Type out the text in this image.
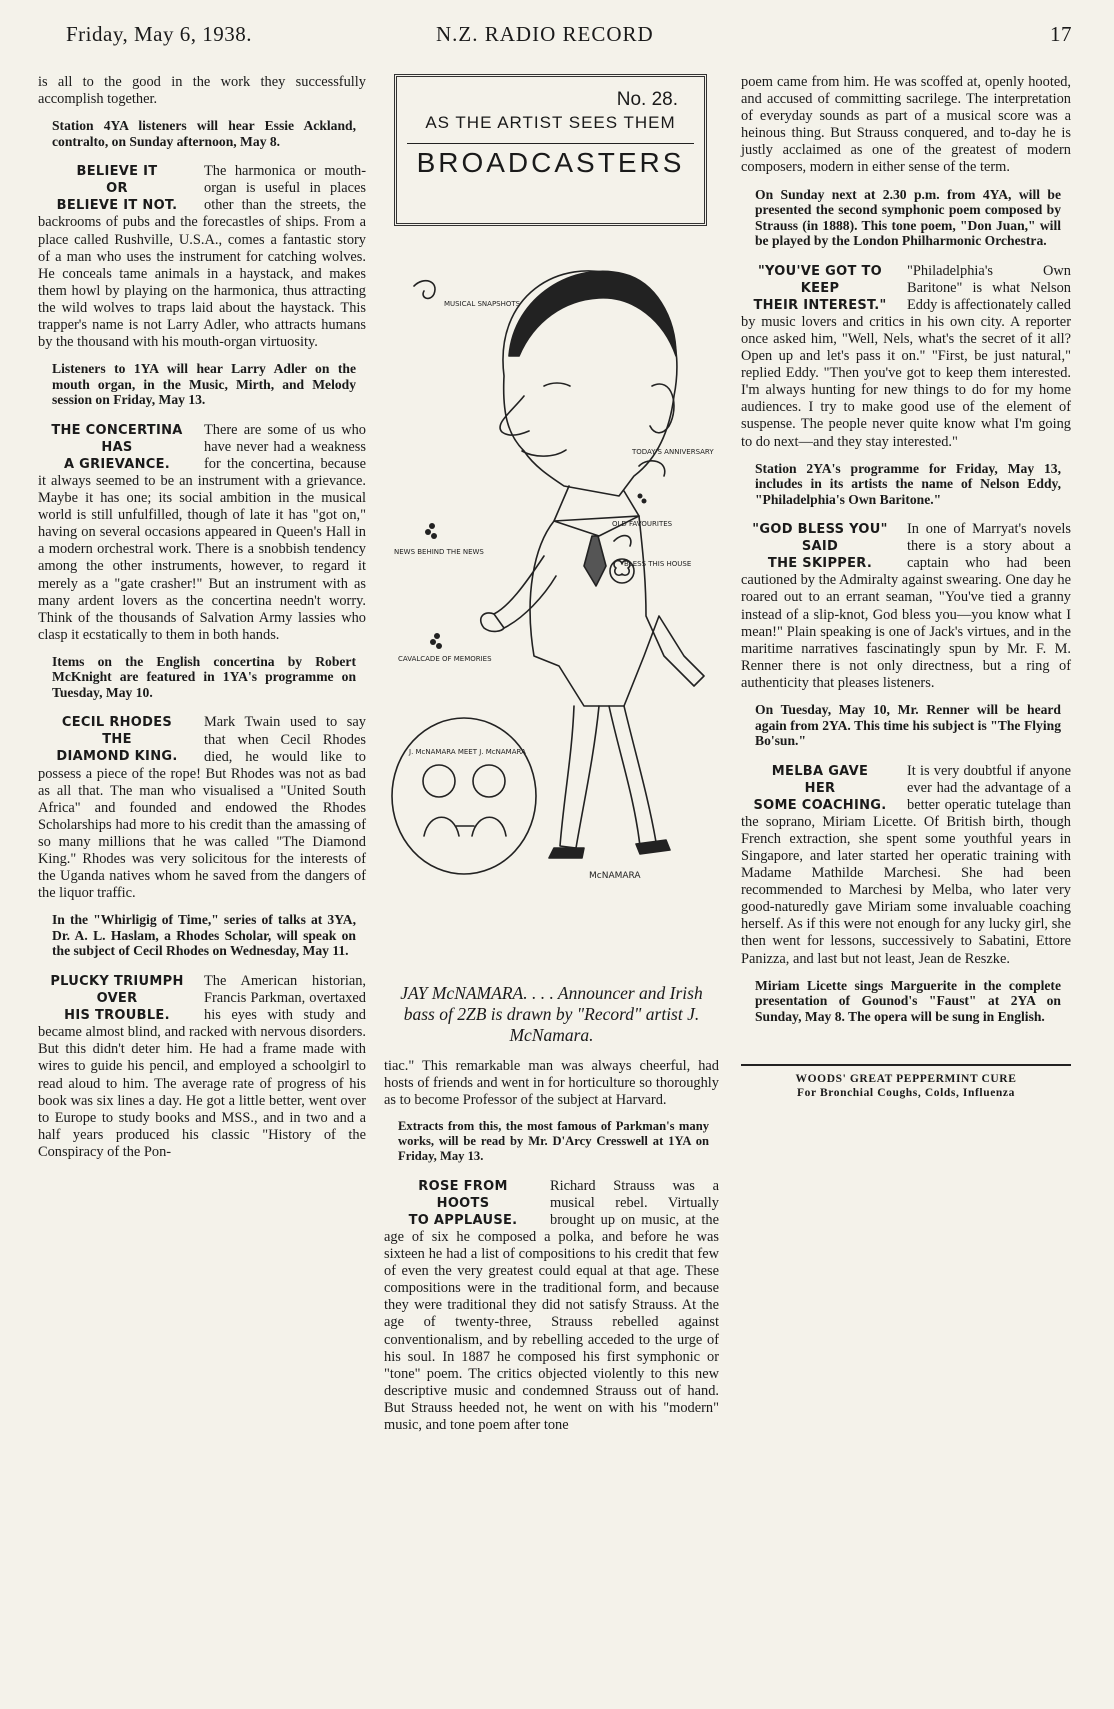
Friday, May 6, 1938.	N.Z. RADIO RECORD	17

is all to the good in the work they successfully accomplish together.

Station 4YA listeners will hear Essie Ackland, contralto, on Sunday afternoon, May 8.
BELIEVE IT
OR
BELIEVE IT NOT.

The harmonica or mouth-organ is useful in places other than the streets, the backrooms of pubs and the forecastles of ships. From a place called Rushville, U.S.A., comes a fantastic story of a man who uses the instrument for catching wolves. He conceals tame animals in a haystack, and makes them howl by playing on the harmonica, thus attracting the wild wolves to traps laid about the haystack. This trapper's name is not Larry Adler, who attracts humans by the thousand with his mouth-organ virtuosity.

Listeners to 1YA will hear Larry Adler on the mouth organ, in the Music, Mirth, and Melody session on Friday, May 13.
THE CONCERTINA
HAS
A GRIEVANCE.

There are some of us who have never had a weakness for the concertina, because it always seemed to be an instrument with a grievance. Maybe it has one; its social ambition in the musical world is still unfulfilled, though of late it has "got on," having on several occasions appeared in Queen's Hall in a modern orchestral work. There is a snobbish tendency among the other instruments, however, to regard it merely as a "gate crasher!" But an instrument with as many ardent lovers as the concertina needn't worry. Think of the thousands of Salvation Army lassies who clasp it ecstatically to them in both hands.

Items on the English concertina by Robert McKnight are featured in 1YA's programme on Tuesday, May 10.
CECIL RHODES
THE
DIAMOND KING.

Mark Twain used to say that when Cecil Rhodes died, he would like to possess a piece of the rope! But Rhodes was not as bad as all that. The man who visualised a "United South Africa" and founded and endowed the Rhodes Scholarships had more to his credit than the amassing of so many millions that he was called "The Diamond King." Rhodes was very solicitous for the interests of the Uganda natives whom he saved from the dangers of the liquor traffic.

In the "Whirligig of Time," series of talks at 3YA, Dr. A. L. Haslam, a Rhodes Scholar, will speak on the subject of Cecil Rhodes on Wednesday, May 11.
PLUCKY TRIUMPH
OVER
HIS TROUBLE.

The American historian, Francis Parkman, overtaxed his eyes with study and became almost blind, and racked with nervous disorders. But this didn't deter him. He had a frame made with wires to guide his pencil, and employed a schoolgirl to read aloud to him. The average rate of progress of his book was six lines a day. He got a little better, went over to Europe to study books and MSS., and in two and a half years produced his classic "History of the Conspiracy of the Pon-

No. 28.
AS THE ARTIST SEES THEM
BROADCASTERS
MUSICAL SNAPSHOTS
TODAY'S ANNIVERSARY
NEWS BEHIND THE NEWS
OLD FAVOURITES
BLESS THIS HOUSE
CAVALCADE OF MEMORIES
J. McNAMARA MEET J. McNAMARA
McNAMARA
JAY McNAMARA. . . . Announcer and Irish bass of 2ZB is drawn by "Record" artist J. McNamara.

tiac." This remarkable man was always cheerful, had hosts of friends and went in for horticulture so thoroughly as to become Professor of the subject at Harvard.

Extracts from this, the most famous of Parkman's many works, will be read by Mr. D'Arcy Cresswell at 1YA on Friday, May 13.
ROSE FROM
HOOTS
TO APPLAUSE.

Richard Strauss was a musical rebel. Virtually brought up on music, at the age of six he composed a polka, and before he was sixteen he had a list of compositions to his credit that few of even the very greatest could equal at that age. These compositions were in the traditional form, and because they were traditional they did not satisfy Strauss. At the age of twenty-three, Strauss rebelled against conventionalism, and by rebelling acceded to the urge of his soul. In 1887 he composed his first symphonic or "tone" poem. The critics objected violently to this new descriptive music and condemned Strauss out of hand. But Strauss heeded not, he went on with his "modern" music, and tone poem after tone

poem came from him. He was scoffed at, openly hooted, and accused of committing sacrilege. The interpretation of everyday sounds as part of a musical score was a heinous thing. But Strauss conquered, and to-day he is justly acclaimed as one of the greatest of modern composers, modern in either sense of the term.

On Sunday next at 2.30 p.m. from 4YA, will be presented the second symphonic poem composed by Strauss (in 1888). This tone poem, "Don Juan," will be played by the London Philharmonic Orchestra.
"YOU'VE GOT TO
KEEP
THEIR INTEREST."

"Philadelphia's Own Baritone" is what Nelson Eddy is affectionately called by music lovers and critics in his own city. A reporter once asked him, "Well, Nels, what's the secret of it all? Open up and let's pass it on." "First, be just natural," replied Eddy. "Then you've got to keep them interested. I'm always hunting for new things to do for my home audiences. I try to make good use of the element of suspense. The people never quite know what I'm going to do next—and they stay interested."

Station 2YA's programme for Friday, May 13, includes in its artists the name of Nelson Eddy, "Philadelphia's Own Baritone."
"GOD BLESS YOU"
SAID
THE SKIPPER.

In one of Marryat's novels there is a story about a captain who had been cautioned by the Admiralty against swearing. One day he roared out to an errant seaman, "You've tied a granny instead of a slip-knot, God bless you—you know what I mean!" Plain speaking is one of Jack's virtues, and in the maritime narratives fascinatingly spun by Mr. F. M. Renner there is not only directness, but a ring of authenticity that pleases listeners.

On Tuesday, May 10, Mr. Renner will be heard again from 2YA. This time his subject is "The Flying Bo'sun."
MELBA GAVE
HER
SOME COACHING.

It is very doubtful if anyone ever had the advantage of a better operatic tutelage than the soprano, Miriam Licette. Of British birth, though French extraction, she spent some youthful years in Singapore, and later started her operatic training with Madame Mathilde Marchesi. She had been recommended to Marchesi by Melba, who later very good-naturedly gave Miriam some invaluable coaching herself. As if this were not enough for any lucky girl, she then went for lessons, successively to Sabatini, Ettore Panizza, and last but not least, Jean de Reszke.

Miriam Licette sings Marguerite in the complete presentation of Gounod's "Faust" at 2YA on Sunday, May 8. The opera will be sung in English.
WOODS' GREAT PEPPERMINT CURE
For Bronchial Coughs, Colds, Influenza
